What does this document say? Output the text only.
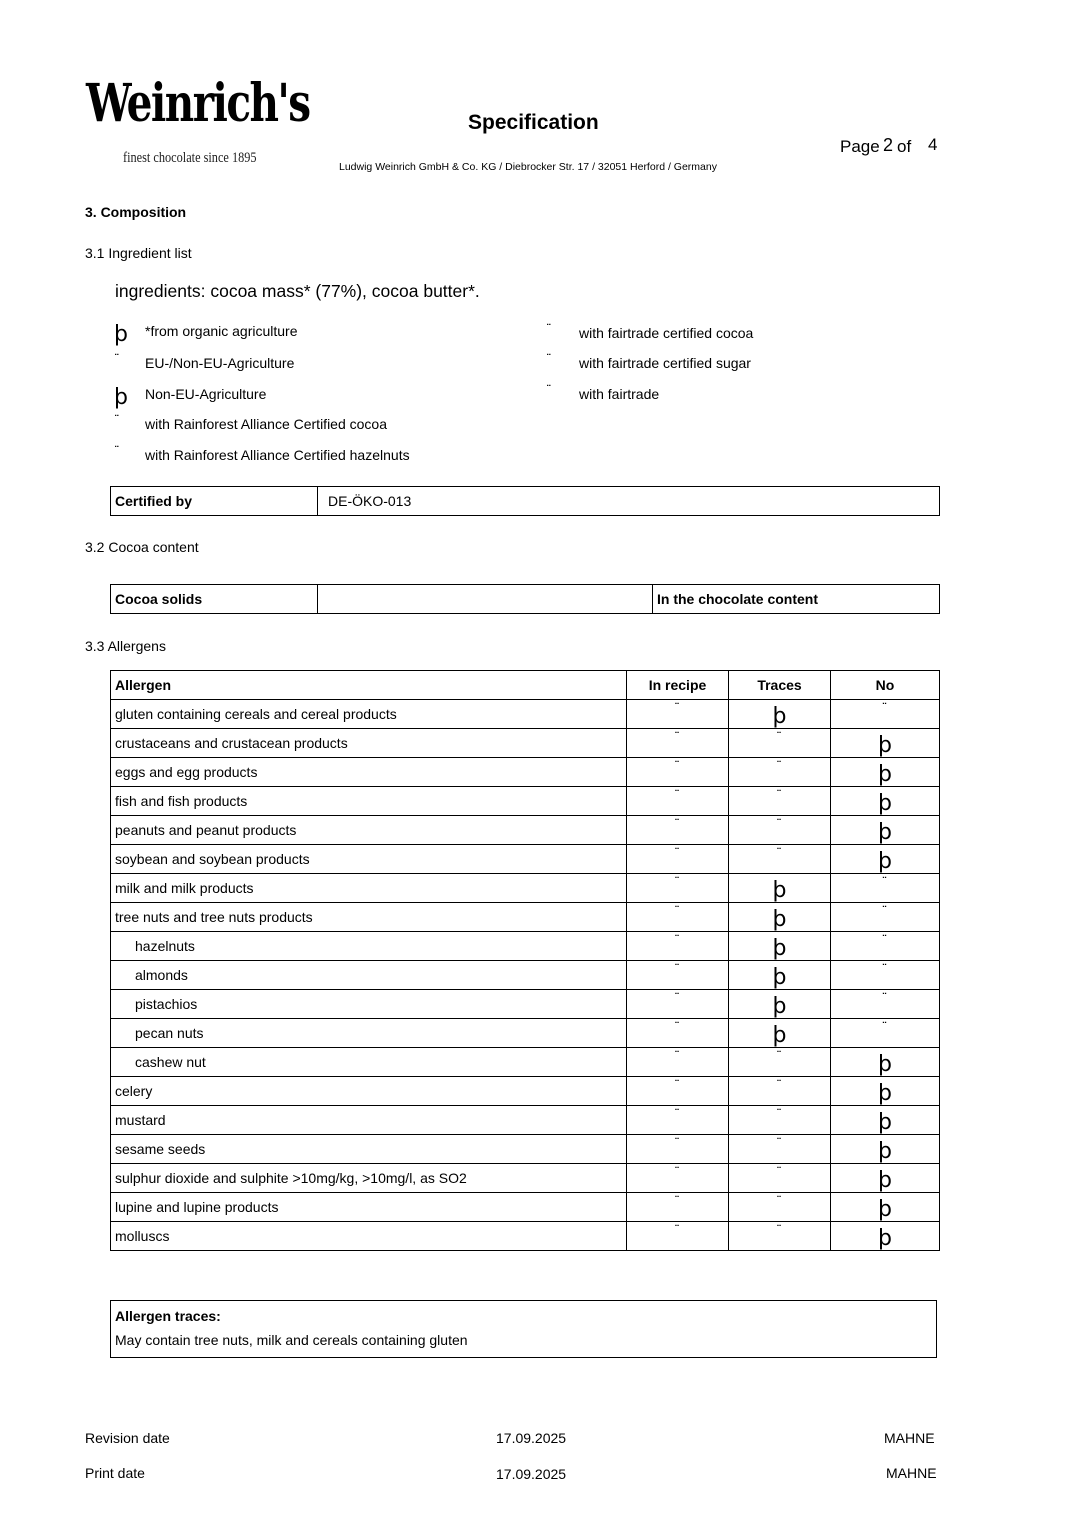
Weinrich's
finest chocolate since 1895
Specification
Page 2 of 4
Ludwig Weinrich GmbH & Co. KG / Diebrocker Str. 17 / 32051 Herford / Germany
3. Composition
3.1 Ingredient list
ingredients: cocoa mass* (77%), cocoa butter*.
þ *from organic agriculture
¨ EU-/Non-EU-Agriculture
þ Non-EU-Agriculture
¨ with Rainforest Alliance Certified cocoa
¨ with Rainforest Alliance Certified hazelnuts
¨ with fairtrade certified cocoa
¨ with fairtrade certified sugar
¨ with fairtrade
Certified by	DE-ÖKO-013
3.2 Cocoa content
Cocoa solids		In the chocolate content
3.3 Allergens
Allergen	In recipe	Traces	No
gluten containing cereals and cereal products	¨	þ	¨
crustaceans and crustacean products	¨	¨	þ
eggs and egg products	¨	¨	þ
fish and fish products	¨	¨	þ
peanuts and peanut products	¨	¨	þ
soybean and soybean products	¨	¨	þ
milk and milk products	¨	þ	¨
tree nuts and tree nuts products	¨	þ	¨
hazelnuts	¨	þ	¨
almonds	¨	þ	¨
pistachios	¨	þ	¨
pecan nuts	¨	þ	¨
cashew nut	¨	¨	þ
celery	¨	¨	þ
mustard	¨	¨	þ
sesame seeds	¨	¨	þ
sulphur dioxide and sulphite >10mg/kg, >10mg/l, as SO2	¨	¨	þ
lupine and lupine products	¨	¨	þ
molluscs	¨	¨	þ
Allergen traces:
May contain tree nuts, milk and cereals containing gluten
Revision date	17.09.2025	MAHNE
Print date	17.09.2025	MAHNE
